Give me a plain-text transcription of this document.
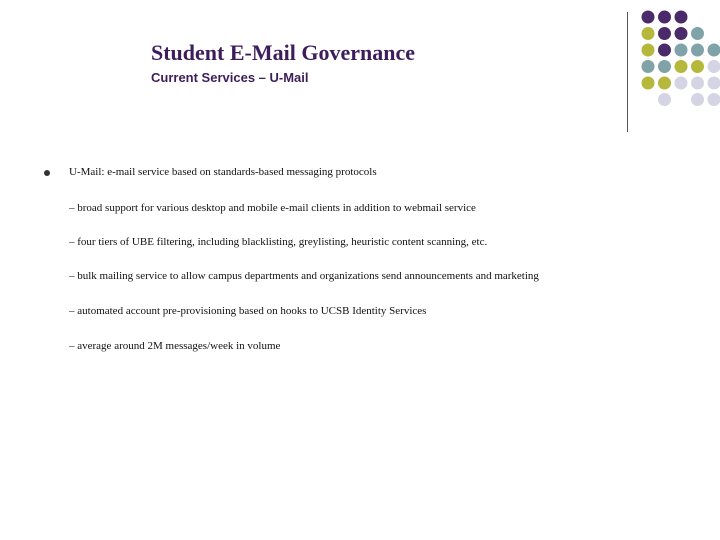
Student E-Mail Governance
Current Services – U-Mail
U-Mail: e-mail service based on standards-based messaging protocols
– broad support for various desktop and mobile e-mail clients in addition to webmail service
– four tiers of UBE filtering, including blacklisting, greylisting, heuristic content scanning, etc.
– bulk mailing service to allow campus departments and organizations send announcements and marketing
– automated account pre-provisioning based on hooks to UCSB Identity Services
– average around 2M messages/week in volume
